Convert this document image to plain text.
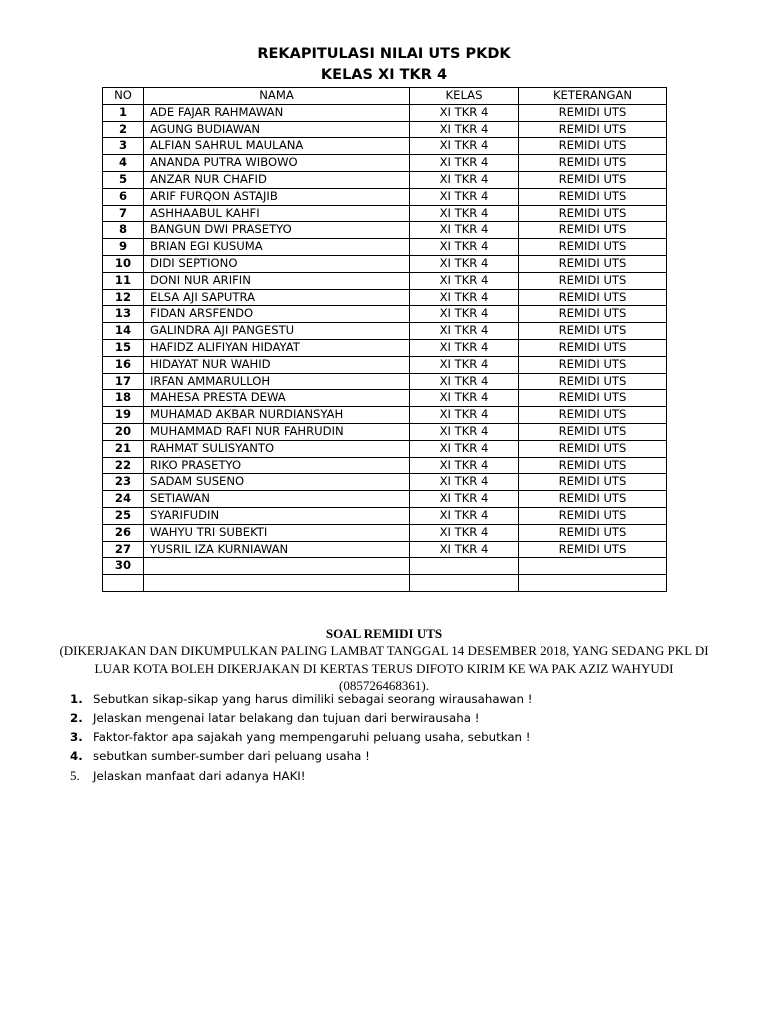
REKAPITULASI NILAI UTS PKDK
KELAS XI TKR 4
NO	NAMA	KELAS	KETERANGAN
1	ADE FAJAR RAHMAWAN	XI TKR 4	REMIDI UTS
2	AGUNG BUDIAWAN	XI TKR 4	REMIDI UTS
3	ALFIAN SAHRUL MAULANA	XI TKR 4	REMIDI UTS
4	ANANDA PUTRA WIBOWO	XI TKR 4	REMIDI UTS
5	ANZAR NUR CHAFID	XI TKR 4	REMIDI UTS
6	ARIF FURQON ASTAJIB	XI TKR 4	REMIDI UTS
7	ASHHAABUL KAHFI	XI TKR 4	REMIDI UTS
8	BANGUN DWI PRASETYO	XI TKR 4	REMIDI UTS
9	BRIAN EGI KUSUMA	XI TKR 4	REMIDI UTS
10	DIDI SEPTIONO	XI TKR 4	REMIDI UTS
11	DONI NUR ARIFIN	XI TKR 4	REMIDI UTS
12	ELSA AJI SAPUTRA	XI TKR 4	REMIDI UTS
13	FIDAN ARSFENDO	XI TKR 4	REMIDI UTS
14	GALINDRA AJI PANGESTU	XI TKR 4	REMIDI UTS
15	HAFIDZ ALIFIYAN HIDAYAT	XI TKR 4	REMIDI UTS
16	HIDAYAT NUR WAHID	XI TKR 4	REMIDI UTS
17	IRFAN AMMARULLOH	XI TKR 4	REMIDI UTS
18	MAHESA PRESTA DEWA	XI TKR 4	REMIDI UTS
19	MUHAMAD AKBAR NURDIANSYAH	XI TKR 4	REMIDI UTS
20	MUHAMMAD RAFI NUR FAHRUDIN	XI TKR 4	REMIDI UTS
21	RAHMAT SULISYANTO	XI TKR 4	REMIDI UTS
22	RIKO PRASETYO	XI TKR 4	REMIDI UTS
23	SADAM SUSENO	XI TKR 4	REMIDI UTS
24	SETIAWAN	XI TKR 4	REMIDI UTS
25	SYARIFUDIN	XI TKR 4	REMIDI UTS
26	WAHYU TRI SUBEKTI	XI TKR 4	REMIDI UTS
27	YUSRIL IZA KURNIAWAN	XI TKR 4	REMIDI UTS
30			

SOAL REMIDI UTS
(DIKERJAKAN DAN DIKUMPULKAN PALING LAMBAT TANGGAL 14 DESEMBER 2018, YANG SEDANG PKL DI LUAR KOTA BOLEH DIKERJAKAN DI KERTAS TERUS DIFOTO KIRIM KE WA PAK AZIZ WAHYUDI (085726468361).
1. Sebutkan sikap-sikap yang harus dimiliki sebagai seorang wirausahawan !
2. Jelaskan mengenai latar belakang dan tujuan dari berwirausaha !
3. Faktor-faktor apa sajakah yang mempengaruhi peluang usaha, sebutkan !
4. sebutkan sumber-sumber dari peluang usaha !
5. Jelaskan manfaat dari adanya HAKI!
